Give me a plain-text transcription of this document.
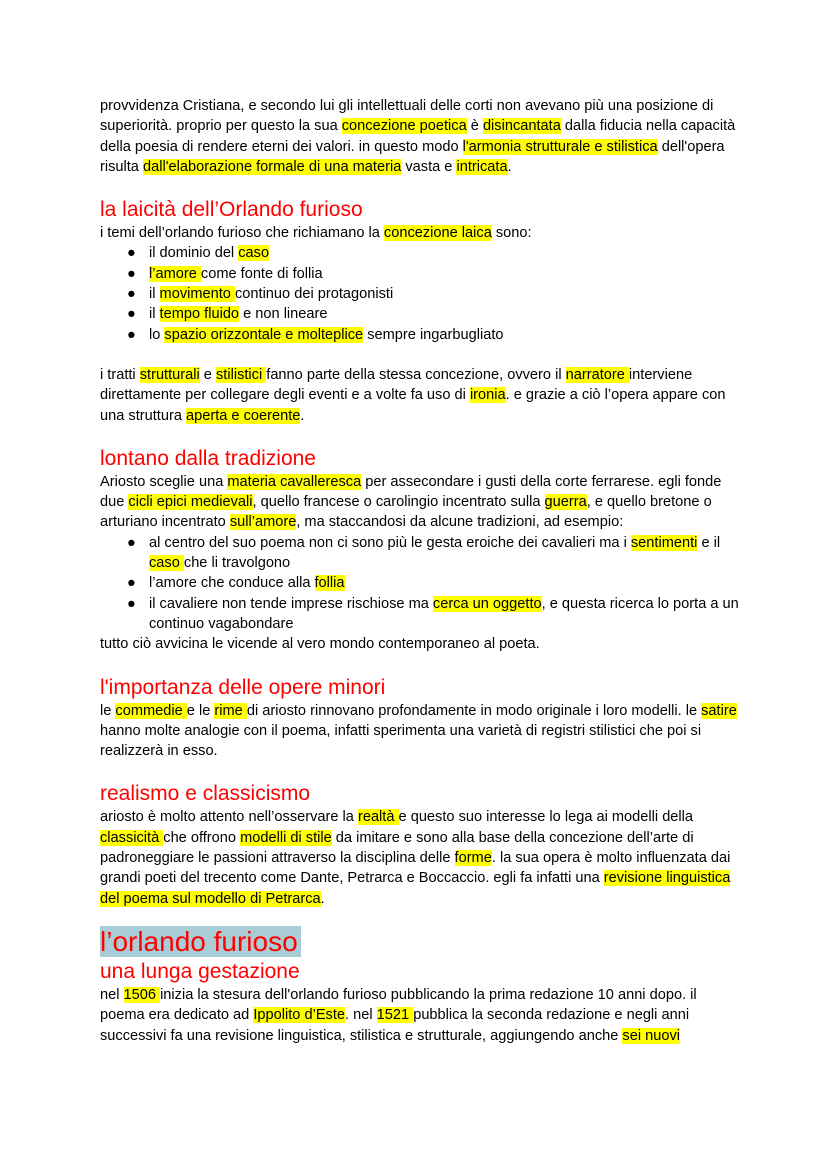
provvidenza Cristiana, e secondo lui gli intellettuali delle corti non avevano più una posizione di superiorità. proprio per questo la sua concezione poetica è disincantata dalla fiducia nella capacità della poesia di rendere eterni dei valori. in questo modo l'armonia strutturale e stilistica dell'opera risulta dall'elaborazione formale di una materia vasta e intricata.

la laicità dell’Orlando furioso

i temi dell’orlando furioso che richiamano la concezione laica sono:

● il dominio del caso
● l’amore come fonte di follia
● il movimento continuo dei protagonisti
● il tempo fluido e non lineare
● lo spazio orizzontale e molteplice sempre ingarbugliato

i tratti strutturali e stilistici fanno parte della stessa concezione, ovvero il narratore interviene direttamente per collegare degli eventi e a volte fa uso di ironia. e grazie a ciò l’opera appare con una struttura aperta e coerente.

lontano dalla tradizione

Ariosto sceglie una materia cavalleresca per assecondare i gusti della corte ferrarese. egli fonde due cicli epici medievali, quello francese o carolingio incentrato sulla guerra, e quello bretone o arturiano incentrato sull’amore, ma staccandosi da alcune tradizioni, ad esempio:

● al centro del suo poema non ci sono più le gesta eroiche dei cavalieri ma i sentimenti e il caso che li travolgono
● l’amore che conduce alla follia
● il cavaliere non tende imprese rischiose ma cerca un oggetto, e questa ricerca lo porta a un continuo vagabondare

tutto ciò avvicina le vicende al vero mondo contemporaneo al poeta.

l'importanza delle opere minori

le commedie e le rime di ariosto rinnovano profondamente in modo originale i loro modelli. le satire hanno molte analogie con il poema, infatti sperimenta una varietà di registri stilistici che poi si realizzerà in esso.

realismo e classicismo

ariosto è molto attento nell’osservare la realtà e questo suo interesse lo lega ai modelli della classicità che offrono modelli di stile da imitare e sono alla base della concezione dell’arte di padroneggiare le passioni attraverso la disciplina delle forme. la sua opera è molto influenzata dai grandi poeti del trecento come Dante, Petrarca e Boccaccio. egli fa infatti una revisione linguistica del poema sul modello di Petrarca.

l’orlando furioso
una lunga gestazione

nel 1506 inizia la stesura dell'orlando furioso pubblicando la prima redazione 10 anni dopo. il poema era dedicato ad Ippolito d’Este. nel 1521 pubblica la seconda redazione e negli anni successivi fa una revisione linguistica, stilistica e strutturale, aggiungendo anche sei nuovi
